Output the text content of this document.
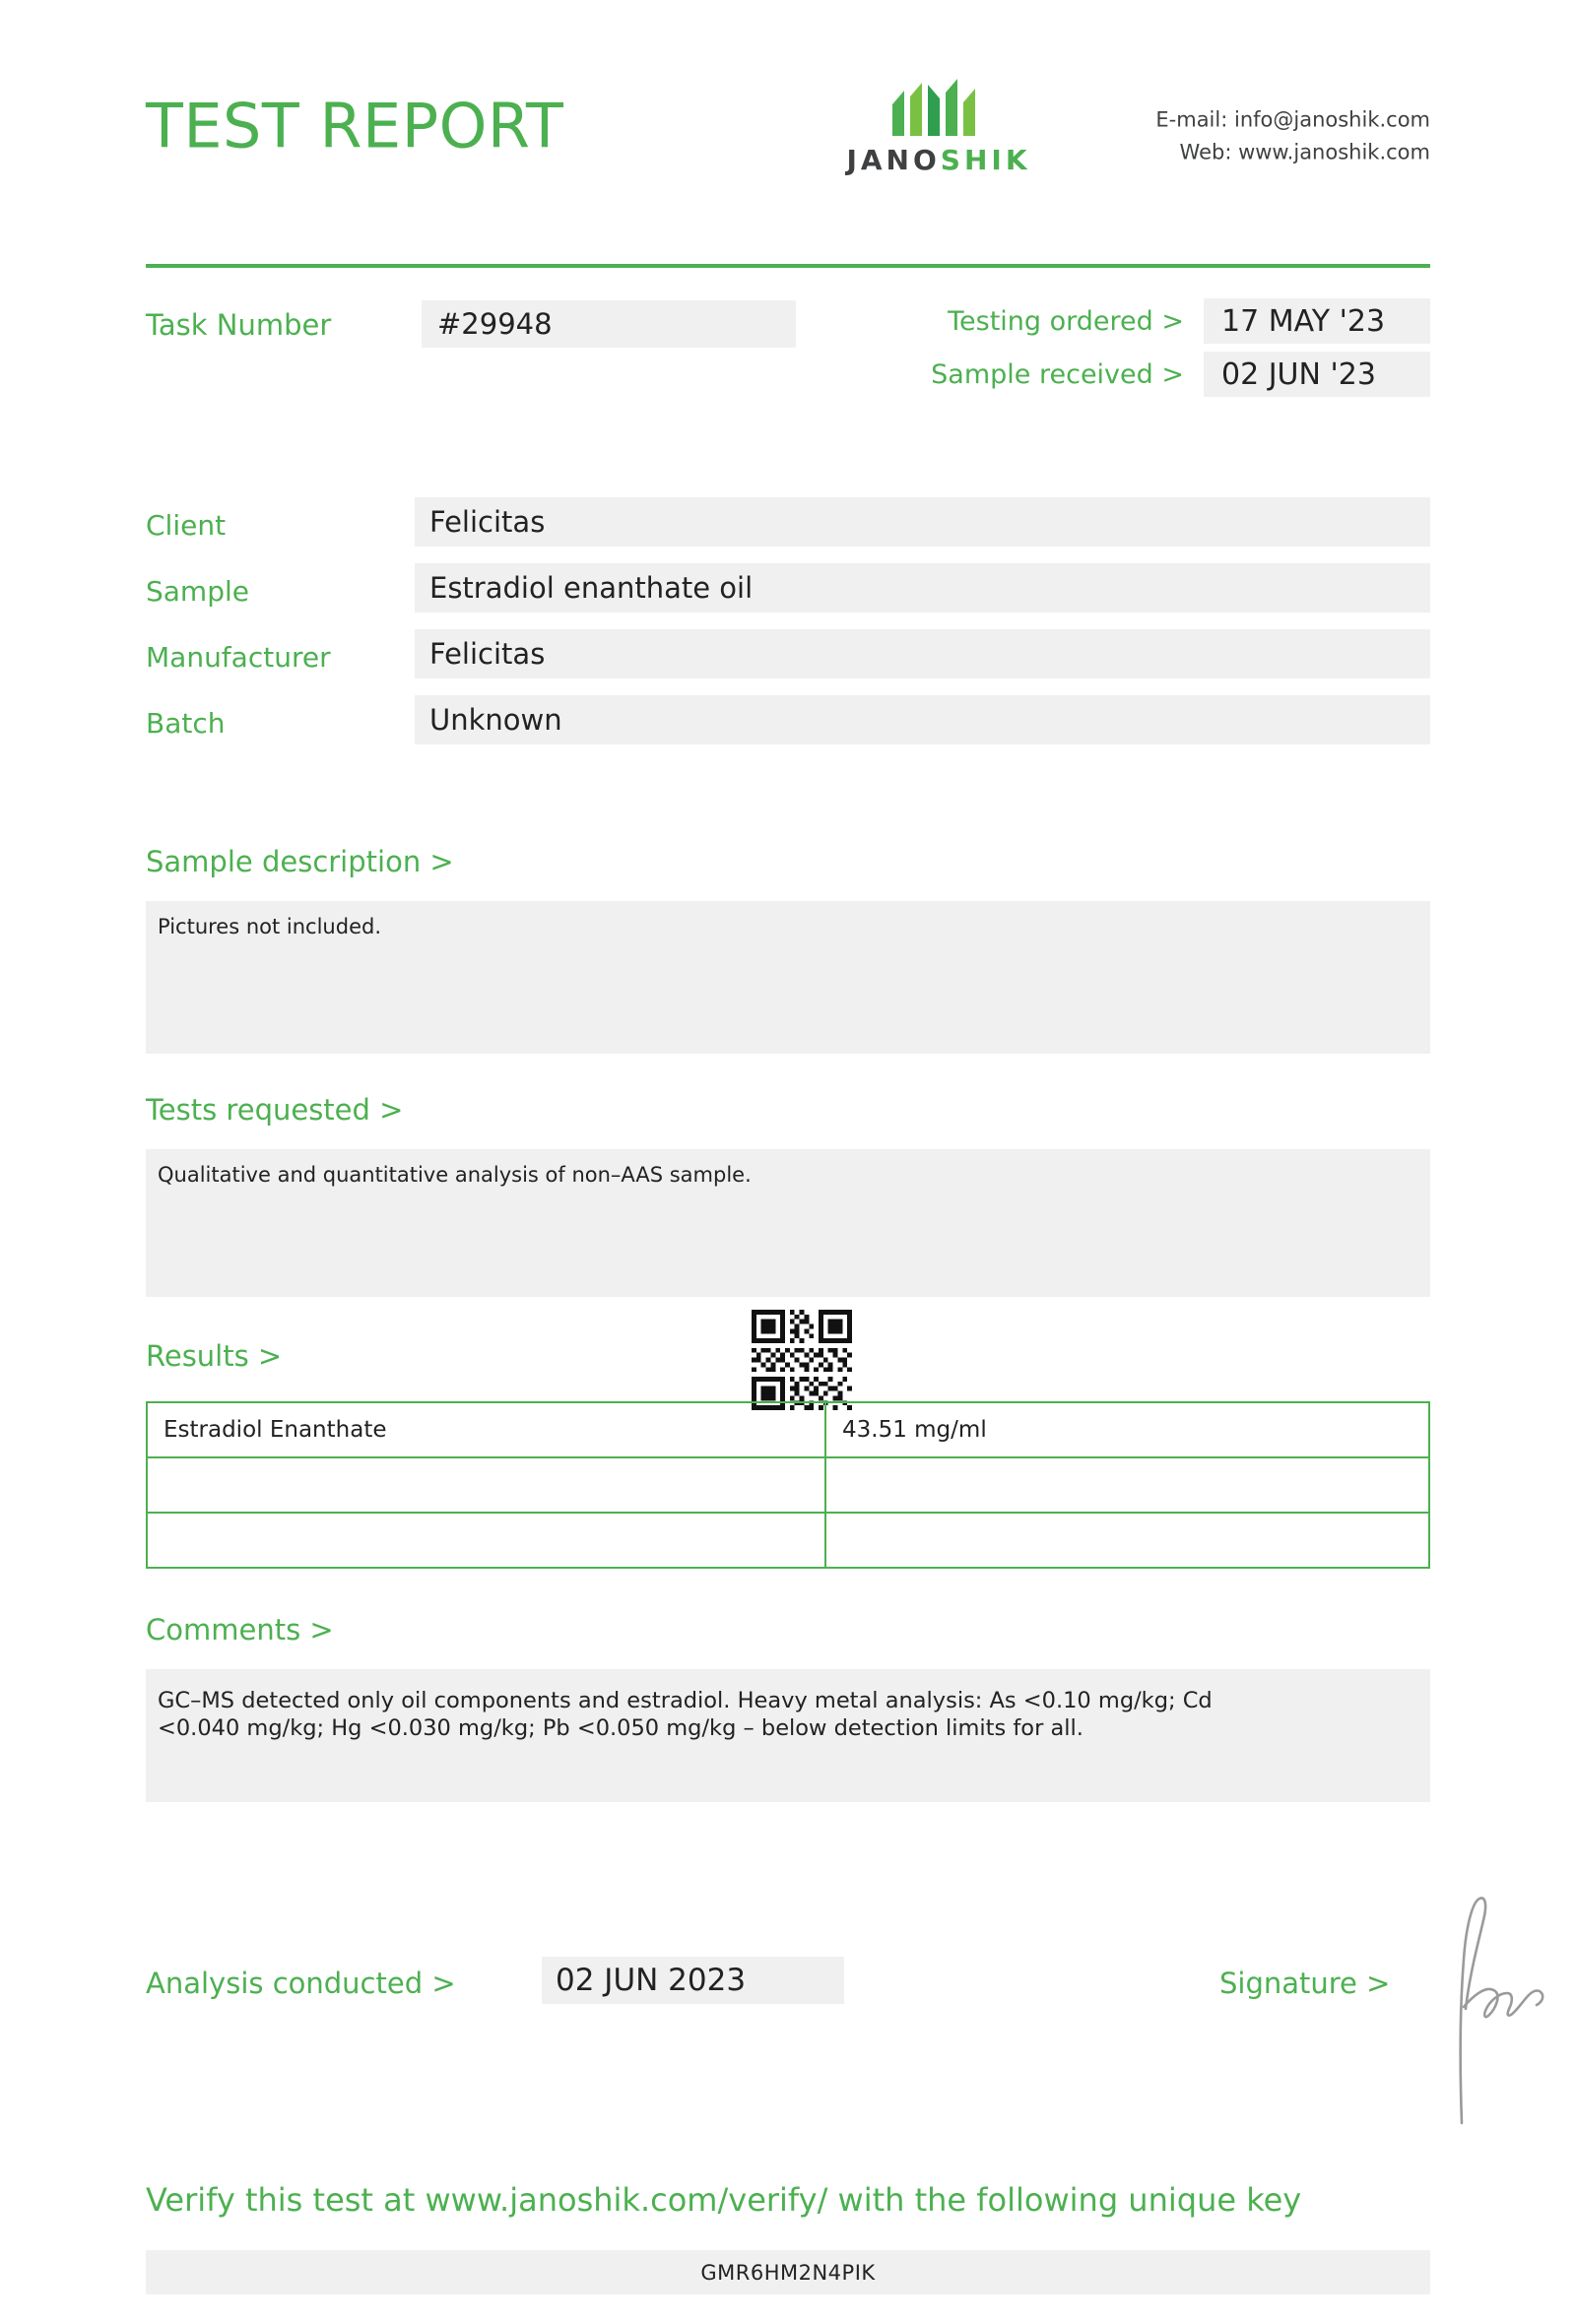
TEST REPORT	JANOSHIK
E-mail: info@janoshik.com
Web: www.janoshik.com
Task Number	#29948	Testing ordered >	17 MAY '23
Sample received >	02 JUN '23
Client	Felicitas
Sample	Estradiol enanthate oil
Manufacturer	Felicitas
Batch	Unknown
Sample description >
Pictures not included.
Tests requested >
Qualitative and quantitative analysis of non–AAS sample.
Results >
Estradiol Enanthate	43.51 mg/ml

Comments >
GC–MS detected only oil components and estradiol. Heavy metal analysis: As <0.10 mg/kg; Cd
<0.040 mg/kg; Hg <0.030 mg/kg; Pb <0.050 mg/kg – below detection limits for all.
Analysis conducted >	02 JUN 2023	Signature >
Verify this test at www.janoshik.com/verify/ with the following unique key
GMR6HM2N4PIK
